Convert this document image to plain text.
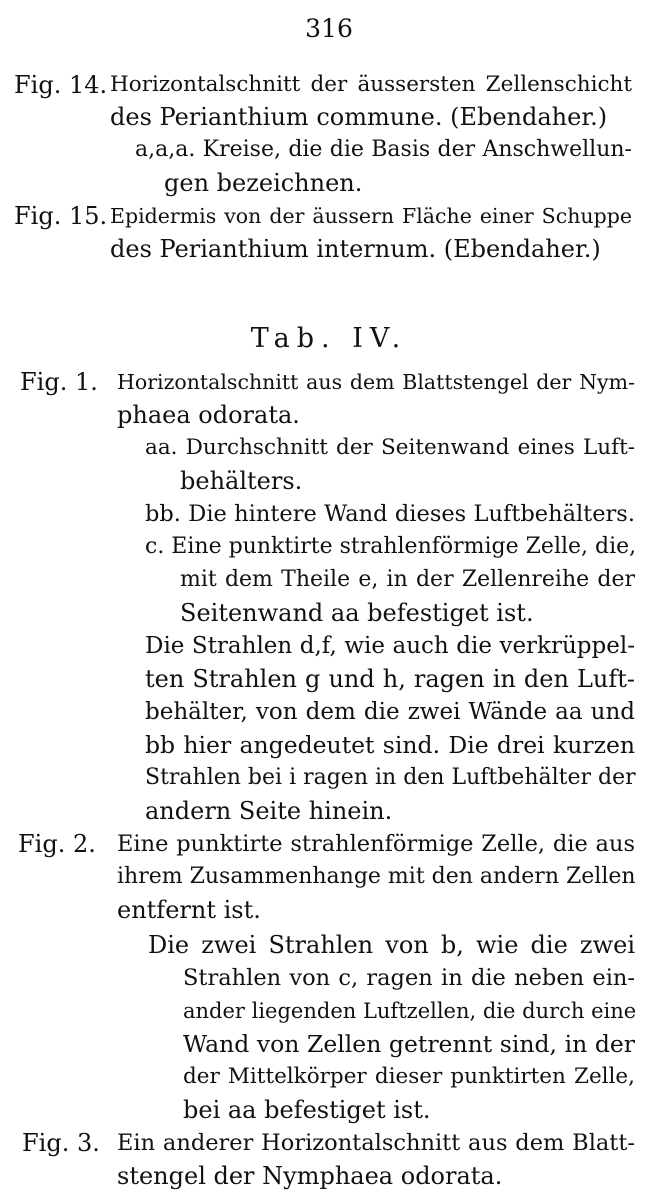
316
Fig. 14. Horizontalschnitt der äussersten Zellenschicht
des Perianthium commune. (Ebendaher.)
a,a,a. Kreise, die die Basis der Anschwellun-
gen bezeichnen.
Fig. 15. Epidermis von der äussern Fläche einer Schuppe
des Perianthium internum. (Ebendaher.)
Tab. IV.
Fig. 1. Horizontalschnitt aus dem Blattstengel der Nym-
phaea odorata.
aa. Durchschnitt der Seitenwand eines Luft-
behälters.
bb. Die hintere Wand dieses Luftbehälters.
c. Eine punktirte strahlenförmige Zelle, die,
mit dem Theile e, in der Zellenreihe der
Seitenwand aa befestiget ist.
Die Strahlen d,f, wie auch die verkrüppel-
ten Strahlen g und h, ragen in den Luft-
behälter, von dem die zwei Wände aa und
bb hier angedeutet sind. Die drei kurzen
Strahlen bei i ragen in den Luftbehälter der
andern Seite hinein.
Fig. 2. Eine punktirte strahlenförmige Zelle, die aus
ihrem Zusammenhange mit den andern Zellen
entfernt ist.
Die zwei Strahlen von b, wie die zwei
Strahlen von c, ragen in die neben ein-
ander liegenden Luftzellen, die durch eine
Wand von Zellen getrennt sind, in der
der Mittelkörper dieser punktirten Zelle,
bei aa befestiget ist.
Fig. 3. Ein anderer Horizontalschnitt aus dem Blatt-
stengel der Nymphaea odorata.
